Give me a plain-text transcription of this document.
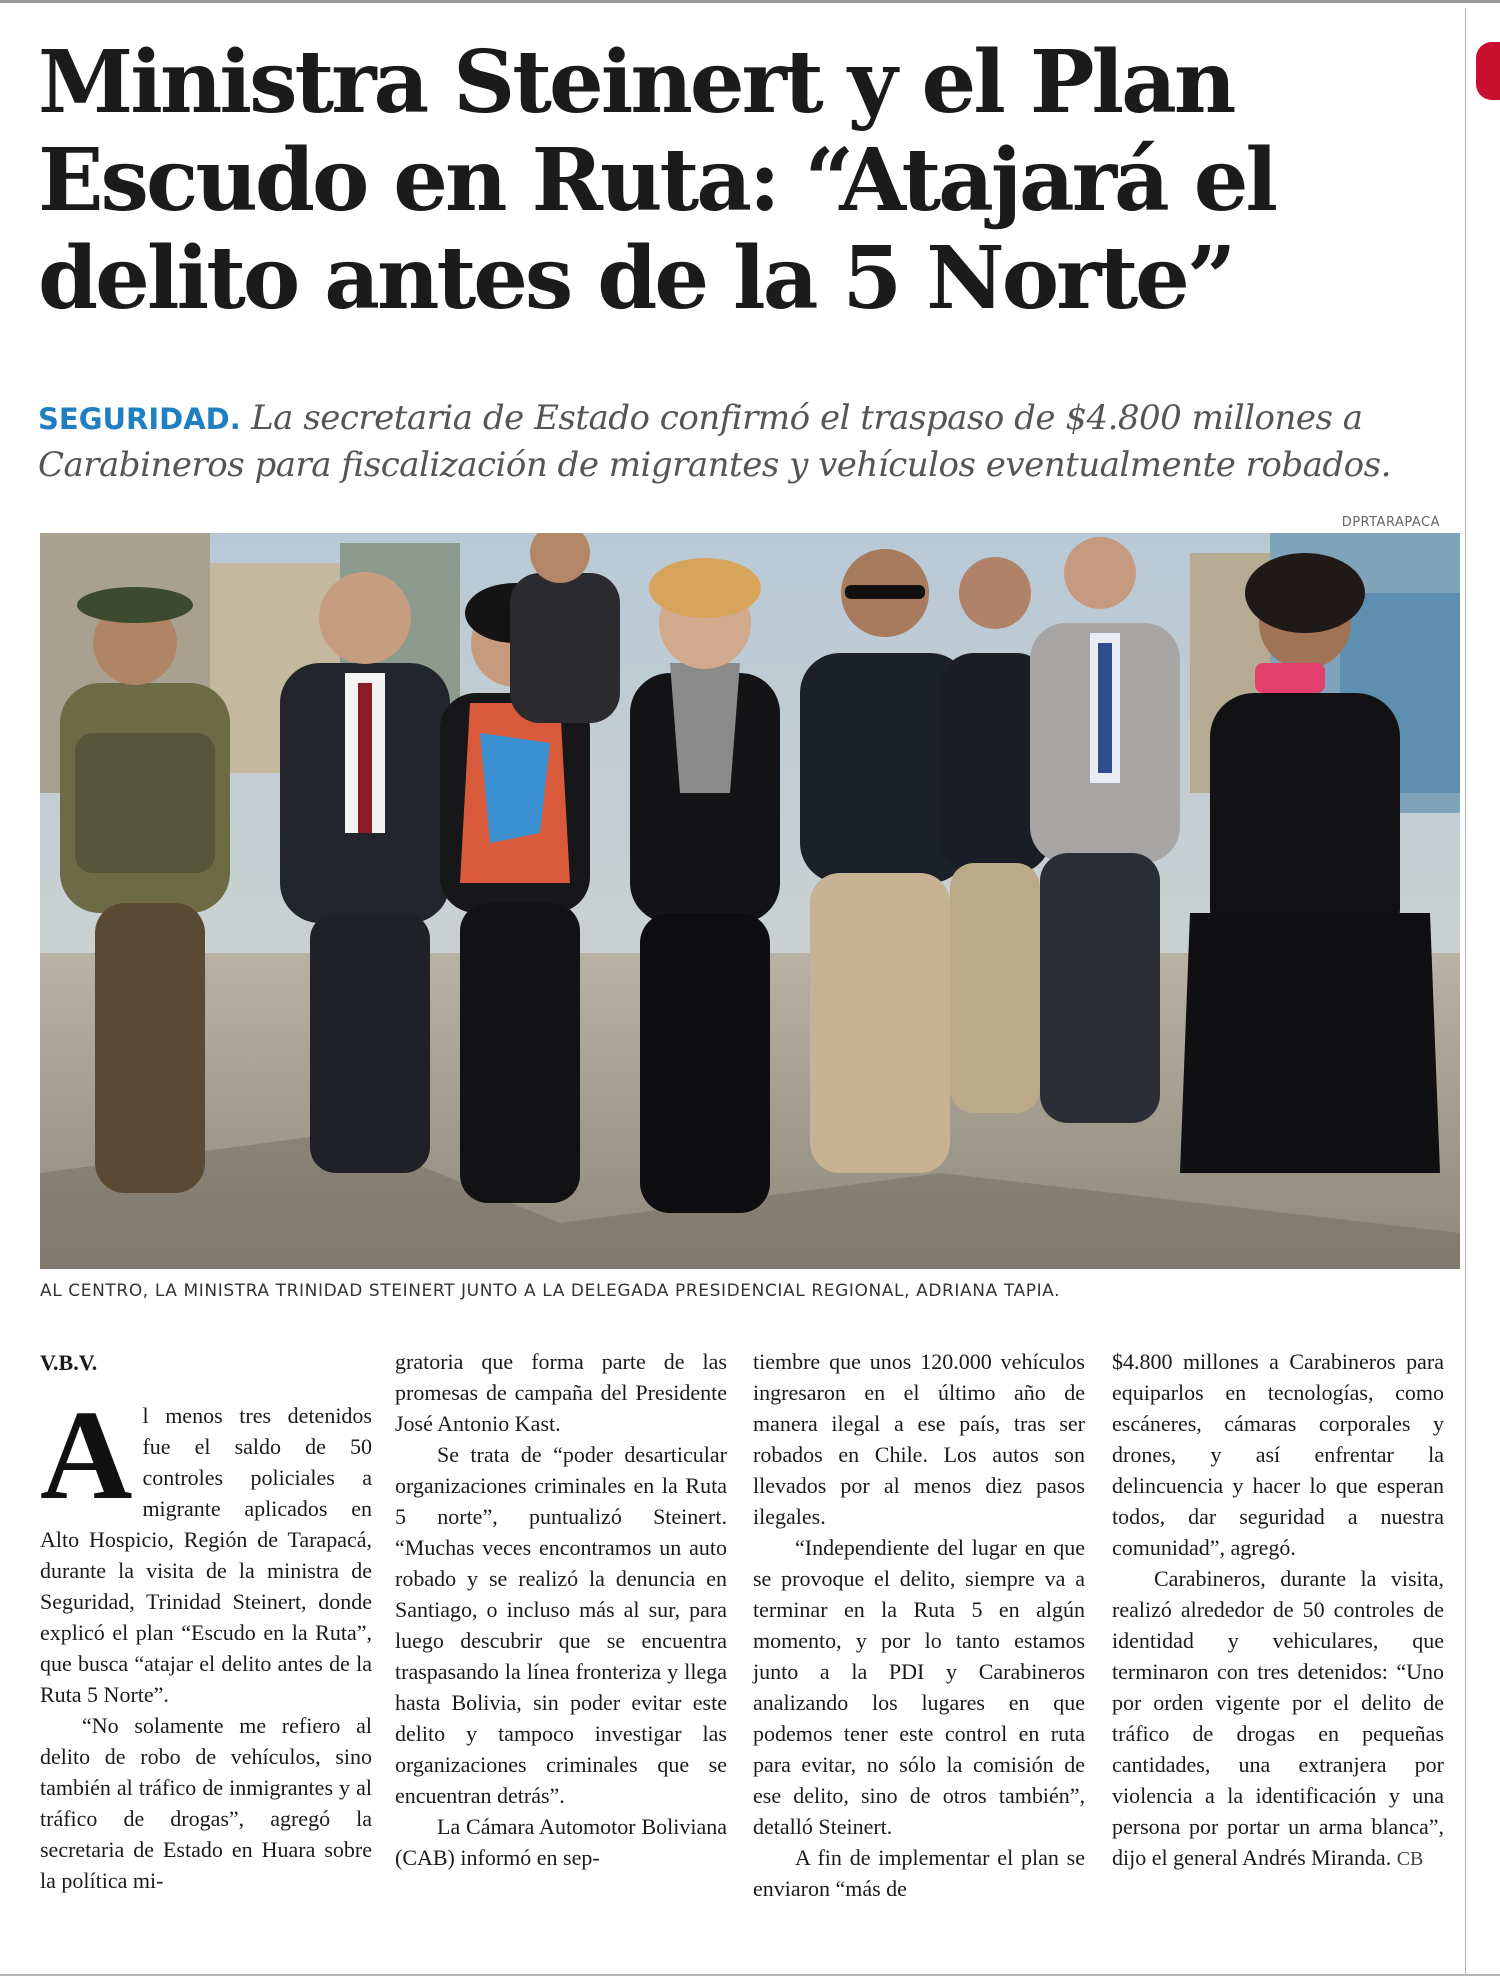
Ministra Steinert y el Plan Escudo en Ruta: “Atajará el delito antes de la 5 Norte”

SEGURIDAD. La secretaria de Estado confirmó el traspaso de $4.800 millones a Carabineros para fiscalización de migrantes y vehículos eventualmente robados.

DPRTARAPACA
AL CENTRO, LA MINISTRA TRINIDAD STEINERT JUNTO A LA DELEGADA PRESIDENCIAL REGIONAL, ADRIANA TAPIA.
V.B.V.

Al menos tres detenidos fue el saldo de 50 controles policiales a migrante aplicados en Alto Hospicio, Región de Tarapacá, durante la visita de la ministra de Seguridad, Trinidad Steinert, donde explicó el plan “Escudo en la Ruta”, que busca “atajar el delito antes de la Ruta 5 Norte”.

“No solamente me refiero al delito de robo de vehículos, sino también al tráfico de inmigrantes y al tráfico de drogas”, agregó la secretaria de Estado en Huara sobre la política mi-

gratoria que forma parte de las promesas de campaña del Presidente José Antonio Kast.

Se trata de “poder desarticular organizaciones criminales en la Ruta 5 norte”, puntualizó Steinert. “Muchas veces encontramos un auto robado y se realizó la denuncia en Santiago, o incluso más al sur, para luego descubrir que se encuentra traspasando la línea fronteriza y llega hasta Bolivia, sin poder evitar este delito y tampoco investigar las organizaciones criminales que se encuentran detrás”.

La Cámara Automotor Boliviana (CAB) informó en sep-

tiembre que unos 120.000 vehículos ingresaron en el último año de manera ilegal a ese país, tras ser robados en Chile. Los autos son llevados por al menos diez pasos ilegales.

“Independiente del lugar en que se provoque el delito, siempre va a terminar en la Ruta 5 en algún momento, y por lo tanto estamos junto a la PDI y Carabineros analizando los lugares en que podemos tener este control en ruta para evitar, no sólo la comisión de ese delito, sino de otros también”, detalló Steinert.

A fin de implementar el plan se enviaron “más de

$4.800 millones a Carabineros para equiparlos en tecnologías, como escáneres, cámaras corporales y drones, y así enfrentar la delincuencia y hacer lo que esperan todos, dar seguridad a nuestra comunidad”, agregó.

Carabineros, durante la visita, realizó alrededor de 50 controles de identidad y vehiculares, que terminaron con tres detenidos: “Uno por orden vigente por el delito de tráfico de drogas en pequeñas cantidades, una extranjera por violencia a la identificación y una persona por portar un arma blanca”, dijo el general Andrés Miranda. CB
